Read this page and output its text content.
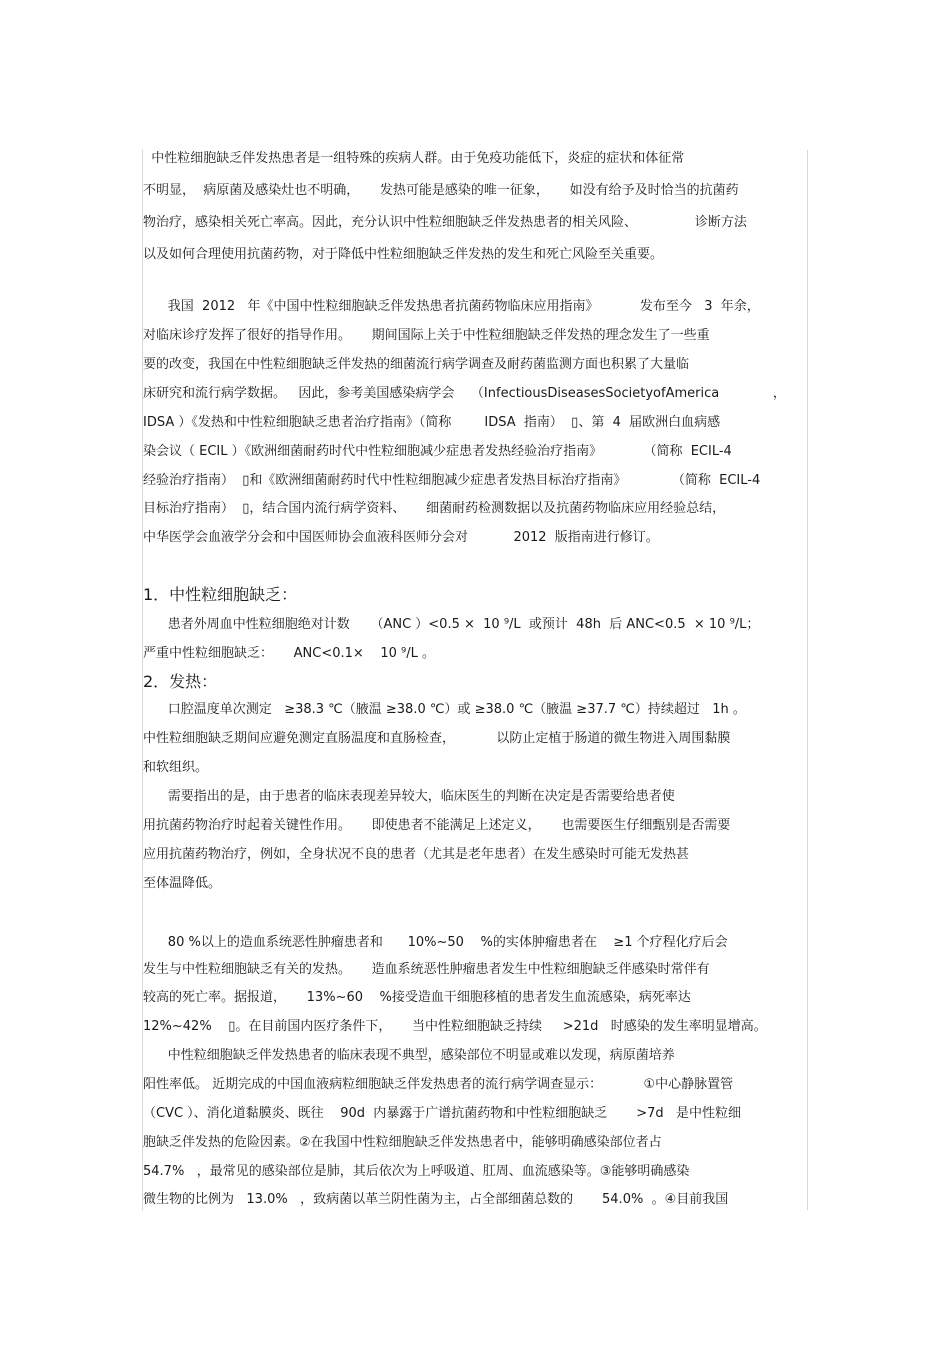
中性粒细胞缺乏伴发热患者是一组特殊的疾病人群。由于免疫功能低下，炎症的症状和体征常
不明显，  病原菌及感染灶也不明确，     发热可能是感染的唯一征象，     如没有给予及时恰当的抗菌药
物治疗，感染相关死亡率高。因此，充分认识中性粒细胞缺乏伴发热患者的相关风险、              诊断方法
以及如何合理使用抗菌药物，对于降低中性粒细胞缺乏伴发热的发生和死亡风险至关重要。
我国  2012   年《中国中性粒细胞缺乏伴发热患者抗菌药物临床应用指南》          发布至今   3  年余，
对临床诊疗发挥了很好的指导作用。     期间国际上关于中性粒细胞缺乏伴发热的理念发生了一些重
要的改变，我国在中性粒细胞缺乏伴发热的细菌流行病学调查及耐药菌监测方面也积累了大量临
床研究和流行病学数据。   因此，参考美国感染病学会    （InfectiousDiseasesSocietyofAmerica             ，
IDSA ）《发热和中性粒细胞缺乏患者治疗指南》（简称        IDSA  指南）  ▯、第  4  届欧洲白血病感
染会议（ ECIL ）《欧洲细菌耐药时代中性粒细胞减少症患者发热经验治疗指南》          （简称  ECIL-4
经验治疗指南）  ▯和《欧洲细菌耐药时代中性粒细胞减少症患者发热目标治疗指南》           （简称  ECIL-4
目标治疗指南）  ▯，结合国内流行病学资料、     细菌耐药检测数据以及抗菌药物临床应用经验总结，
中华医学会血液学分会和中国医师协会血液科医师分会对           2012  版指南进行修订。
1．中性粒细胞缺乏：
患者外周血中性粒细胞绝对计数     （ANC ）<0.5 ×  10 ⁹/L  或预计  48h  后 ANC<0.5  × 10 ⁹/L；
严重中性粒细胞缺乏：     ANC<0.1×    10 ⁹/L 。
2．发热：
口腔温度单次测定   ≥38.3 ℃（腋温 ≥38.0 ℃）或 ≥38.0 ℃（腋温 ≥37.7 ℃）持续超过   1h 。
中性粒细胞缺乏期间应避免测定直肠温度和直肠检查，          以防止定植于肠道的微生物进入周围黏膜
和软组织。
需要指出的是，由于患者的临床表现差异较大，临床医生的判断在决定是否需要给患者使
用抗菌药物治疗时起着关键性作用。     即使患者不能满足上述定义，     也需要医生仔细甄别是否需要
应用抗菌药物治疗，例如，全身状况不良的患者（尤其是老年患者）在发生感染时可能无发热甚
至体温降低。
80 %以上的造血系统恶性肿瘤患者和      10%~50    %的实体肿瘤患者在    ≥1 个疗程化疗后会
发生与中性粒细胞缺乏有关的发热。     造血系统恶性肿瘤患者发生中性粒细胞缺乏伴感染时常伴有
较高的死亡率。据报道，     13%~60    %接受造血干细胞移植的患者发生血流感染，病死率达
12%~42%    ▯。在目前国内医疗条件下，     当中性粒细胞缺乏持续     >21d   时感染的发生率明显增高。
中性粒细胞缺乏伴发热患者的临床表现不典型，感染部位不明显或难以发现，病原菌培养
阳性率低。 近期完成的中国血液病粒细胞缺乏伴发热患者的流行病学调查显示：          ①中心静脉置管
（CVC ）、消化道黏膜炎、既往    90d  内暴露于广谱抗菌药物和中性粒细胞缺乏       >7d   是中性粒细
胞缺乏伴发热的危险因素。②在我国中性粒细胞缺乏伴发热患者中，能够明确感染部位者占
54.7%   ，最常见的感染部位是肺，其后依次为上呼吸道、肛周、血流感染等。③能够明确感染
微生物的比例为   13.0%   ，致病菌以革兰阴性菌为主，占全部细菌总数的       54.0%  。④目前我国
